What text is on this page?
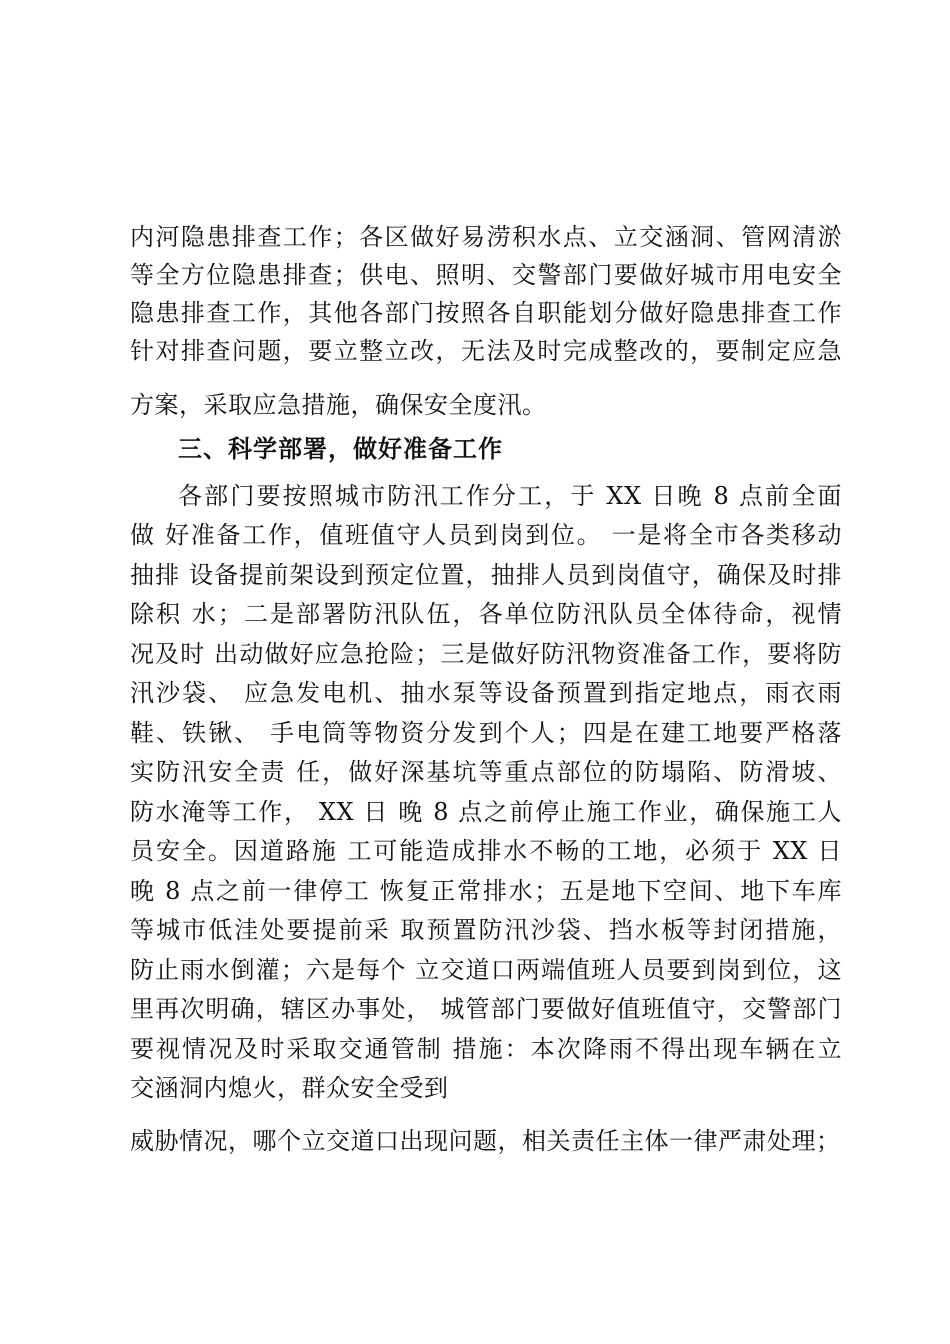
内河隐患排查工作；各区做好易涝积水点、立交涵洞、管网清淤
等全方位隐患排查；供电、照明、交警部门要做好城市用电安全
隐患排查工作，其他各部门按照各自职能划分做好隐患排查工作
针对排查问题，要立整立改，无法及时完成整改的，要制定应急
方案，采取应急措施，确保安全度汛。
三、科学部署，做好准备工作
各部门要按照城市防汛工作分工，于 XX 日晚 8 点前全面
做 好准备工作，值班值守人员到岗到位。 一是将全市各类移动
抽排 设备提前架设到预定位置，抽排人员到岗值守，确保及时排
除积 水；二是部署防汛队伍，各单位防汛队员全体待命，视情
况及时 出动做好应急抢险；三是做好防汛物资准备工作，要将防
汛沙袋、 应急发电机、抽水泵等设备预置到指定地点，雨衣雨
鞋、铁锹、 手电筒等物资分发到个人；四是在建工地要严格落
实防汛安全责 任，做好深基坑等重点部位的防塌陷、防滑坡、
防水淹等工作， XX 日 晚 8 点之前停止施工作业，确保施工人
员安全。因道路施 工可能造成排水不畅的工地，必须于 XX 日
晚 8 点之前一律停工 恢复正常排水；五是地下空间、地下车库
等城市低洼处要提前采 取预置防汛沙袋、挡水板等封闭措施，
防止雨水倒灌；六是每个 立交道口两端值班人员要到岗到位，这
里再次明确，辖区办事处， 城管部门要做好值班值守，交警部门
要视情况及时采取交通管制 措施：本次降雨不得出现车辆在立
交涵洞内熄火，群众安全受到
威胁情况，哪个立交道口出现问题，相关责任主体一律严肃处理；
